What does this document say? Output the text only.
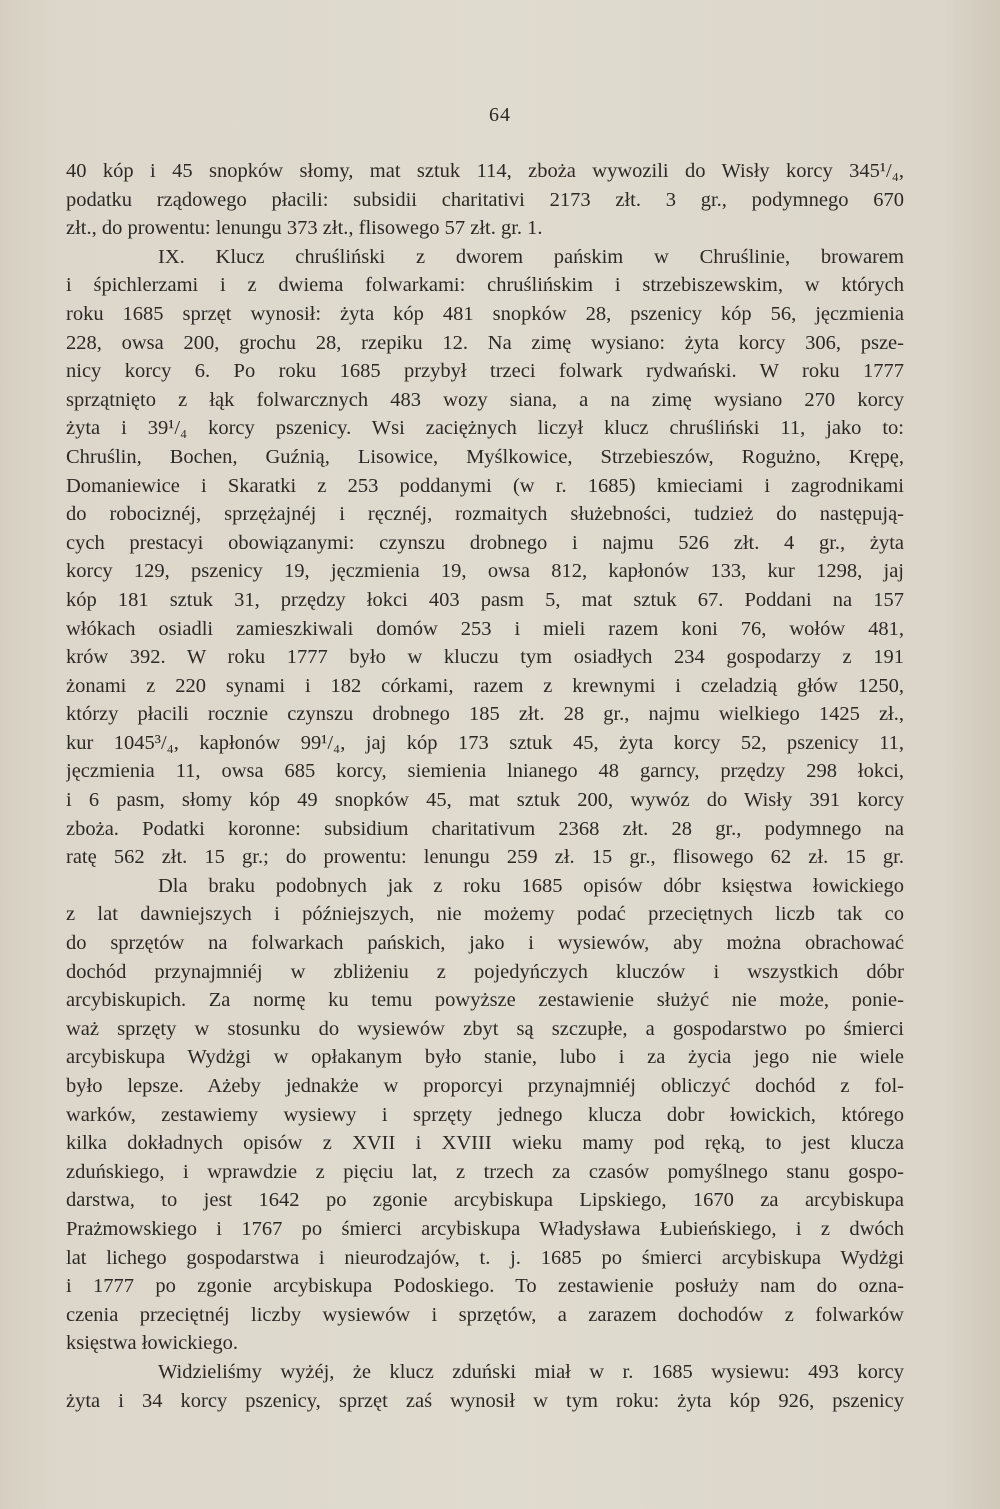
64
40 kóp i 45 snopków słomy, mat sztuk 114, zboża wywozili do Wisły korcy 345¹/₄,
podatku rządowego płacili: subsidii charitativi 2173 złt. 3 gr., podymnego 670
złt., do prowentu: lenungu 373 złt., flisowego 57 złt. gr. 1.
IX. Klucz chruśliński z dworem pańskim w Chruślinie, browarem
i śpichlerzami i z dwiema folwarkami: chruślińskim i strzebiszewskim, w których
roku 1685 sprzęt wynosił: żyta kóp 481 snopków 28, pszenicy kóp 56, jęczmienia
228, owsa 200, grochu 28, rzepiku 12. Na zimę wysiano: żyta korcy 306, psze-
nicy korcy 6. Po roku 1685 przybył trzeci folwark rydwański. W roku 1777
sprzątnięto z łąk folwarcznych 483 wozy siana, a na zimę wysiano 270 korcy
żyta i 39¹/₄ korcy pszenicy. Wsi zaciężnych liczył klucz chruśliński 11, jako to:
Chruślin, Bochen, Guźnią, Lisowice, Myślkowice, Strzebieszów, Rogużno, Krępę,
Domaniewice i Skaratki z 253 poddanymi (w r. 1685) kmieciami i zagrodnikami
do robociznéj, sprzężajnéj i ręcznéj, rozmaitych służebności, tudzież do następują-
cych prestacyi obowiązanymi: czynszu drobnego i najmu 526 złt. 4 gr., żyta
korcy 129, pszenicy 19, jęczmienia 19, owsa 812, kapłonów 133, kur 1298, jaj
kóp 181 sztuk 31, przędzy łokci 403 pasm 5, mat sztuk 67. Poddani na 157
włókach osiadli zamieszkiwali domów 253 i mieli razem koni 76, wołów 481,
krów 392. W roku 1777 było w kluczu tym osiadłych 234 gospodarzy z 191
żonami z 220 synami i 182 córkami, razem z krewnymi i czeladzią głów 1250,
którzy płacili rocznie czynszu drobnego 185 złt. 28 gr., najmu wielkiego 1425 zł.,
kur 1045³/₄, kapłonów 99¹/₄, jaj kóp 173 sztuk 45, żyta korcy 52, pszenicy 11,
jęczmienia 11, owsa 685 korcy, siemienia lnianego 48 garncy, przędzy 298 łokci,
i 6 pasm, słomy kóp 49 snopków 45, mat sztuk 200, wywóz do Wisły 391 korcy
zboża. Podatki koronne: subsidium charitativum 2368 złt. 28 gr., podymnego na
ratę 562 złt. 15 gr.; do prowentu: lenungu 259 zł. 15 gr., flisowego 62 zł. 15 gr.
Dla braku podobnych jak z roku 1685 opisów dóbr księstwa łowickiego
z lat dawniejszych i późniejszych, nie możemy podać przeciętnych liczb tak co
do sprzętów na folwarkach pańskich, jako i wysiewów, aby można obrachować
dochód przynajmniéj w zbliżeniu z pojedyńczych kluczów i wszystkich dóbr
arcybiskupich. Za normę ku temu powyższe zestawienie służyć nie może, ponie-
waż sprzęty w stosunku do wysiewów zbyt są szczupłe, a gospodarstwo po śmierci
arcybiskupa Wydżgi w opłakanym było stanie, lubo i za życia jego nie wiele
było lepsze. Ażeby jednakże w proporcyi przynajmniéj obliczyć dochód z fol-
warków, zestawiemy wysiewy i sprzęty jednego klucza dobr łowickich, którego
kilka dokładnych opisów z XVII i XVIII wieku mamy pod ręką, to jest klucza
zduńskiego, i wprawdzie z pięciu lat, z trzech za czasów pomyślnego stanu gospo-
darstwa, to jest 1642 po zgonie arcybiskupa Lipskiego, 1670 za arcybiskupa
Prażmowskiego i 1767 po śmierci arcybiskupa Władysława Łubieńskiego, i z dwóch
lat lichego gospodarstwa i nieurodzajów, t. j. 1685 po śmierci arcybiskupa Wydżgi
i 1777 po zgonie arcybiskupa Podoskiego. To zestawienie posłuży nam do ozna-
czenia przeciętnéj liczby wysiewów i sprzętów, a zarazem dochodów z folwarków
księstwa łowickiego.
Widzieliśmy wyżéj, że klucz zduński miał w r. 1685 wysiewu: 493 korcy
żyta i 34 korcy pszenicy, sprzęt zaś wynosił w tym roku: żyta kóp 926, pszenicy
